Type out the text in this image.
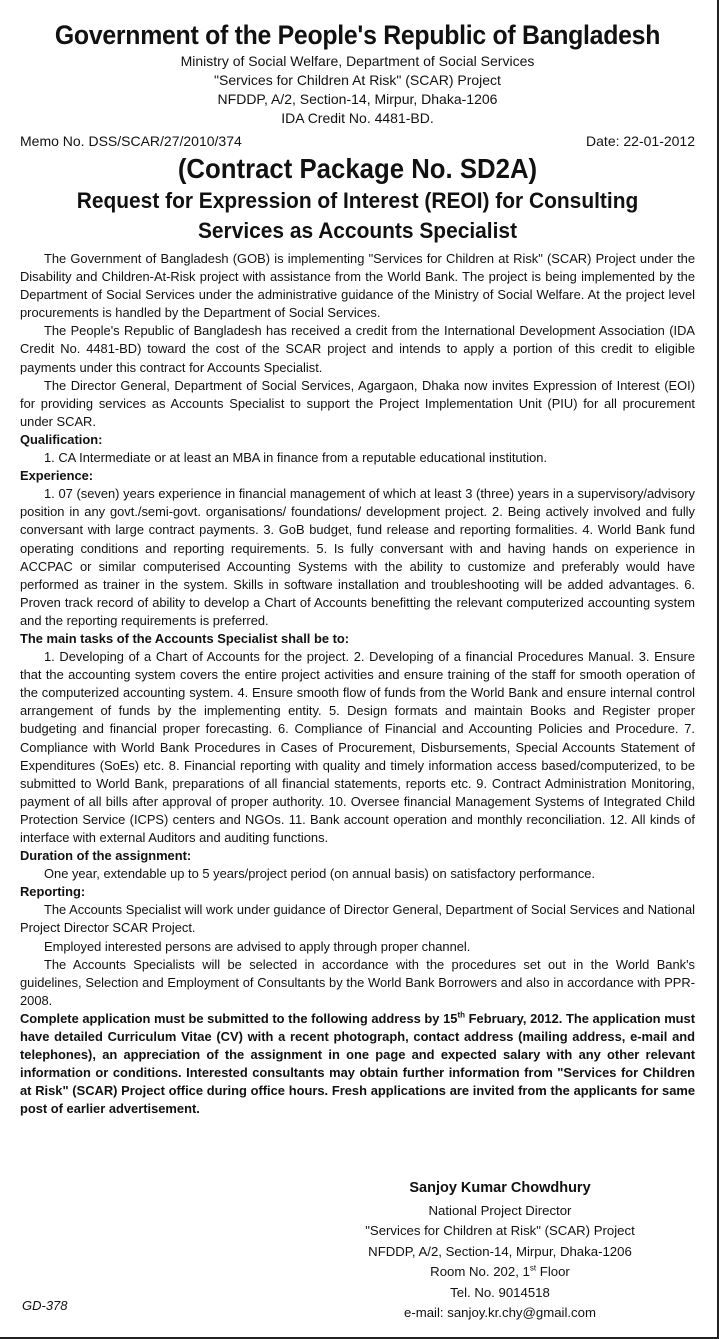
Government of the People's Republic of Bangladesh
Ministry of Social Welfare, Department of Social Services
"Services for Children At Risk" (SCAR) Project
NFDDP, A/2, Section-14, Mirpur, Dhaka-1206
IDA Credit No. 4481-BD.
Memo No. DSS/SCAR/27/2010/374	Date: 22-01-2012
(Contract Package No. SD2A)
Request for Expression of Interest (REOI) for Consulting
Services as Accounts Specialist

The Government of Bangladesh (GOB) is implementing "Services for Children at Risk" (SCAR) Project under the Disability and Children-At-Risk project with assistance from the World Bank. The project is being implemented by the Department of Social Services under the administrative guidance of the Ministry of Social Welfare. At the project level procurements is handled by the Department of Social Services.

The People's Republic of Bangladesh has received a credit from the International Development Association (IDA Credit No. 4481-BD) toward the cost of the SCAR project and intends to apply a portion of this credit to eligible payments under this contract for Accounts Specialist.

The Director General, Department of Social Services, Agargaon, Dhaka now invites Expression of Interest (EOI) for providing services as Accounts Specialist to support the Project Implementation Unit (PIU) for all procurement under SCAR.

Qualification:

1. CA Intermediate or at least an MBA in finance from a reputable educational institution.

Experience:

1. 07 (seven) years experience in financial management of which at least 3 (three) years in a supervisory/advisory position in any govt./semi-govt. organisations/ foundations/ development project. 2. Being actively involved and fully conversant with large contract payments. 3. GoB budget, fund release and reporting formalities. 4. World Bank fund operating conditions and reporting requirements. 5. Is fully conversant with and having hands on experience in ACCPAC or similar computerised Accounting Systems with the ability to customize and preferably would have performed as trainer in the system. Skills in software installation and troubleshooting will be added advantages. 6. Proven track record of ability to develop a Chart of Accounts benefitting the relevant computerized accounting system and the reporting requirements is preferred.

The main tasks of the Accounts Specialist shall be to:

1. Developing of a Chart of Accounts for the project. 2. Developing of a financial Procedures Manual. 3. Ensure that the accounting system covers the entire project activities and ensure training of the staff for smooth operation of the computerized accounting system. 4. Ensure smooth flow of funds from the World Bank and ensure internal control arrangement of funds by the implementing entity. 5. Design formats and maintain Books and Register proper budgeting and financial proper forecasting. 6. Compliance of Financial and Accounting Policies and Procedure. 7. Compliance with World Bank Procedures in Cases of Procurement, Disbursements, Special Accounts Statement of Expenditures (SoEs) etc. 8. Financial reporting with quality and timely information access based/computerized, to be submitted to World Bank, preparations of all financial statements, reports etc. 9. Contract Administration Monitoring, payment of all bills after approval of proper authority. 10. Oversee financial Management Systems of Integrated Child Protection Service (ICPS) centers and NGOs. 11. Bank account operation and monthly reconciliation. 12. All kinds of interface with external Auditors and auditing functions.

Duration of the assignment:

One year, extendable up to 5 years/project period (on annual basis) on satisfactory performance.

Reporting:

The Accounts Specialist will work under guidance of Director General, Department of Social Services and National Project Director SCAR Project.

Employed interested persons are advised to apply through proper channel.

The Accounts Specialists will be selected in accordance with the procedures set out in the World Bank's guidelines, Selection and Employment of Consultants by the World Bank Borrowers and also in accordance with PPR-2008.

Complete application must be submitted to the following address by 15th February, 2012. The application must have detailed Curriculum Vitae (CV) with a recent photograph, contact address (mailing address, e-mail and telephones), an appreciation of the assignment in one page and expected salary with any other relevant information or conditions. Interested consultants may obtain further information from "Services for Children at Risk" (SCAR) Project office during office hours. Fresh applications are invited from the applicants for same post of earlier advertisement.

Sanjoy Kumar Chowdhury
National Project Director
"Services for Children at Risk" (SCAR) Project
NFDDP, A/2, Section-14, Mirpur, Dhaka-1206
Room No. 202, 1st Floor
Tel. No. 9014518
e-mail: sanjoy.kr.chy@gmail.com
GD-378
